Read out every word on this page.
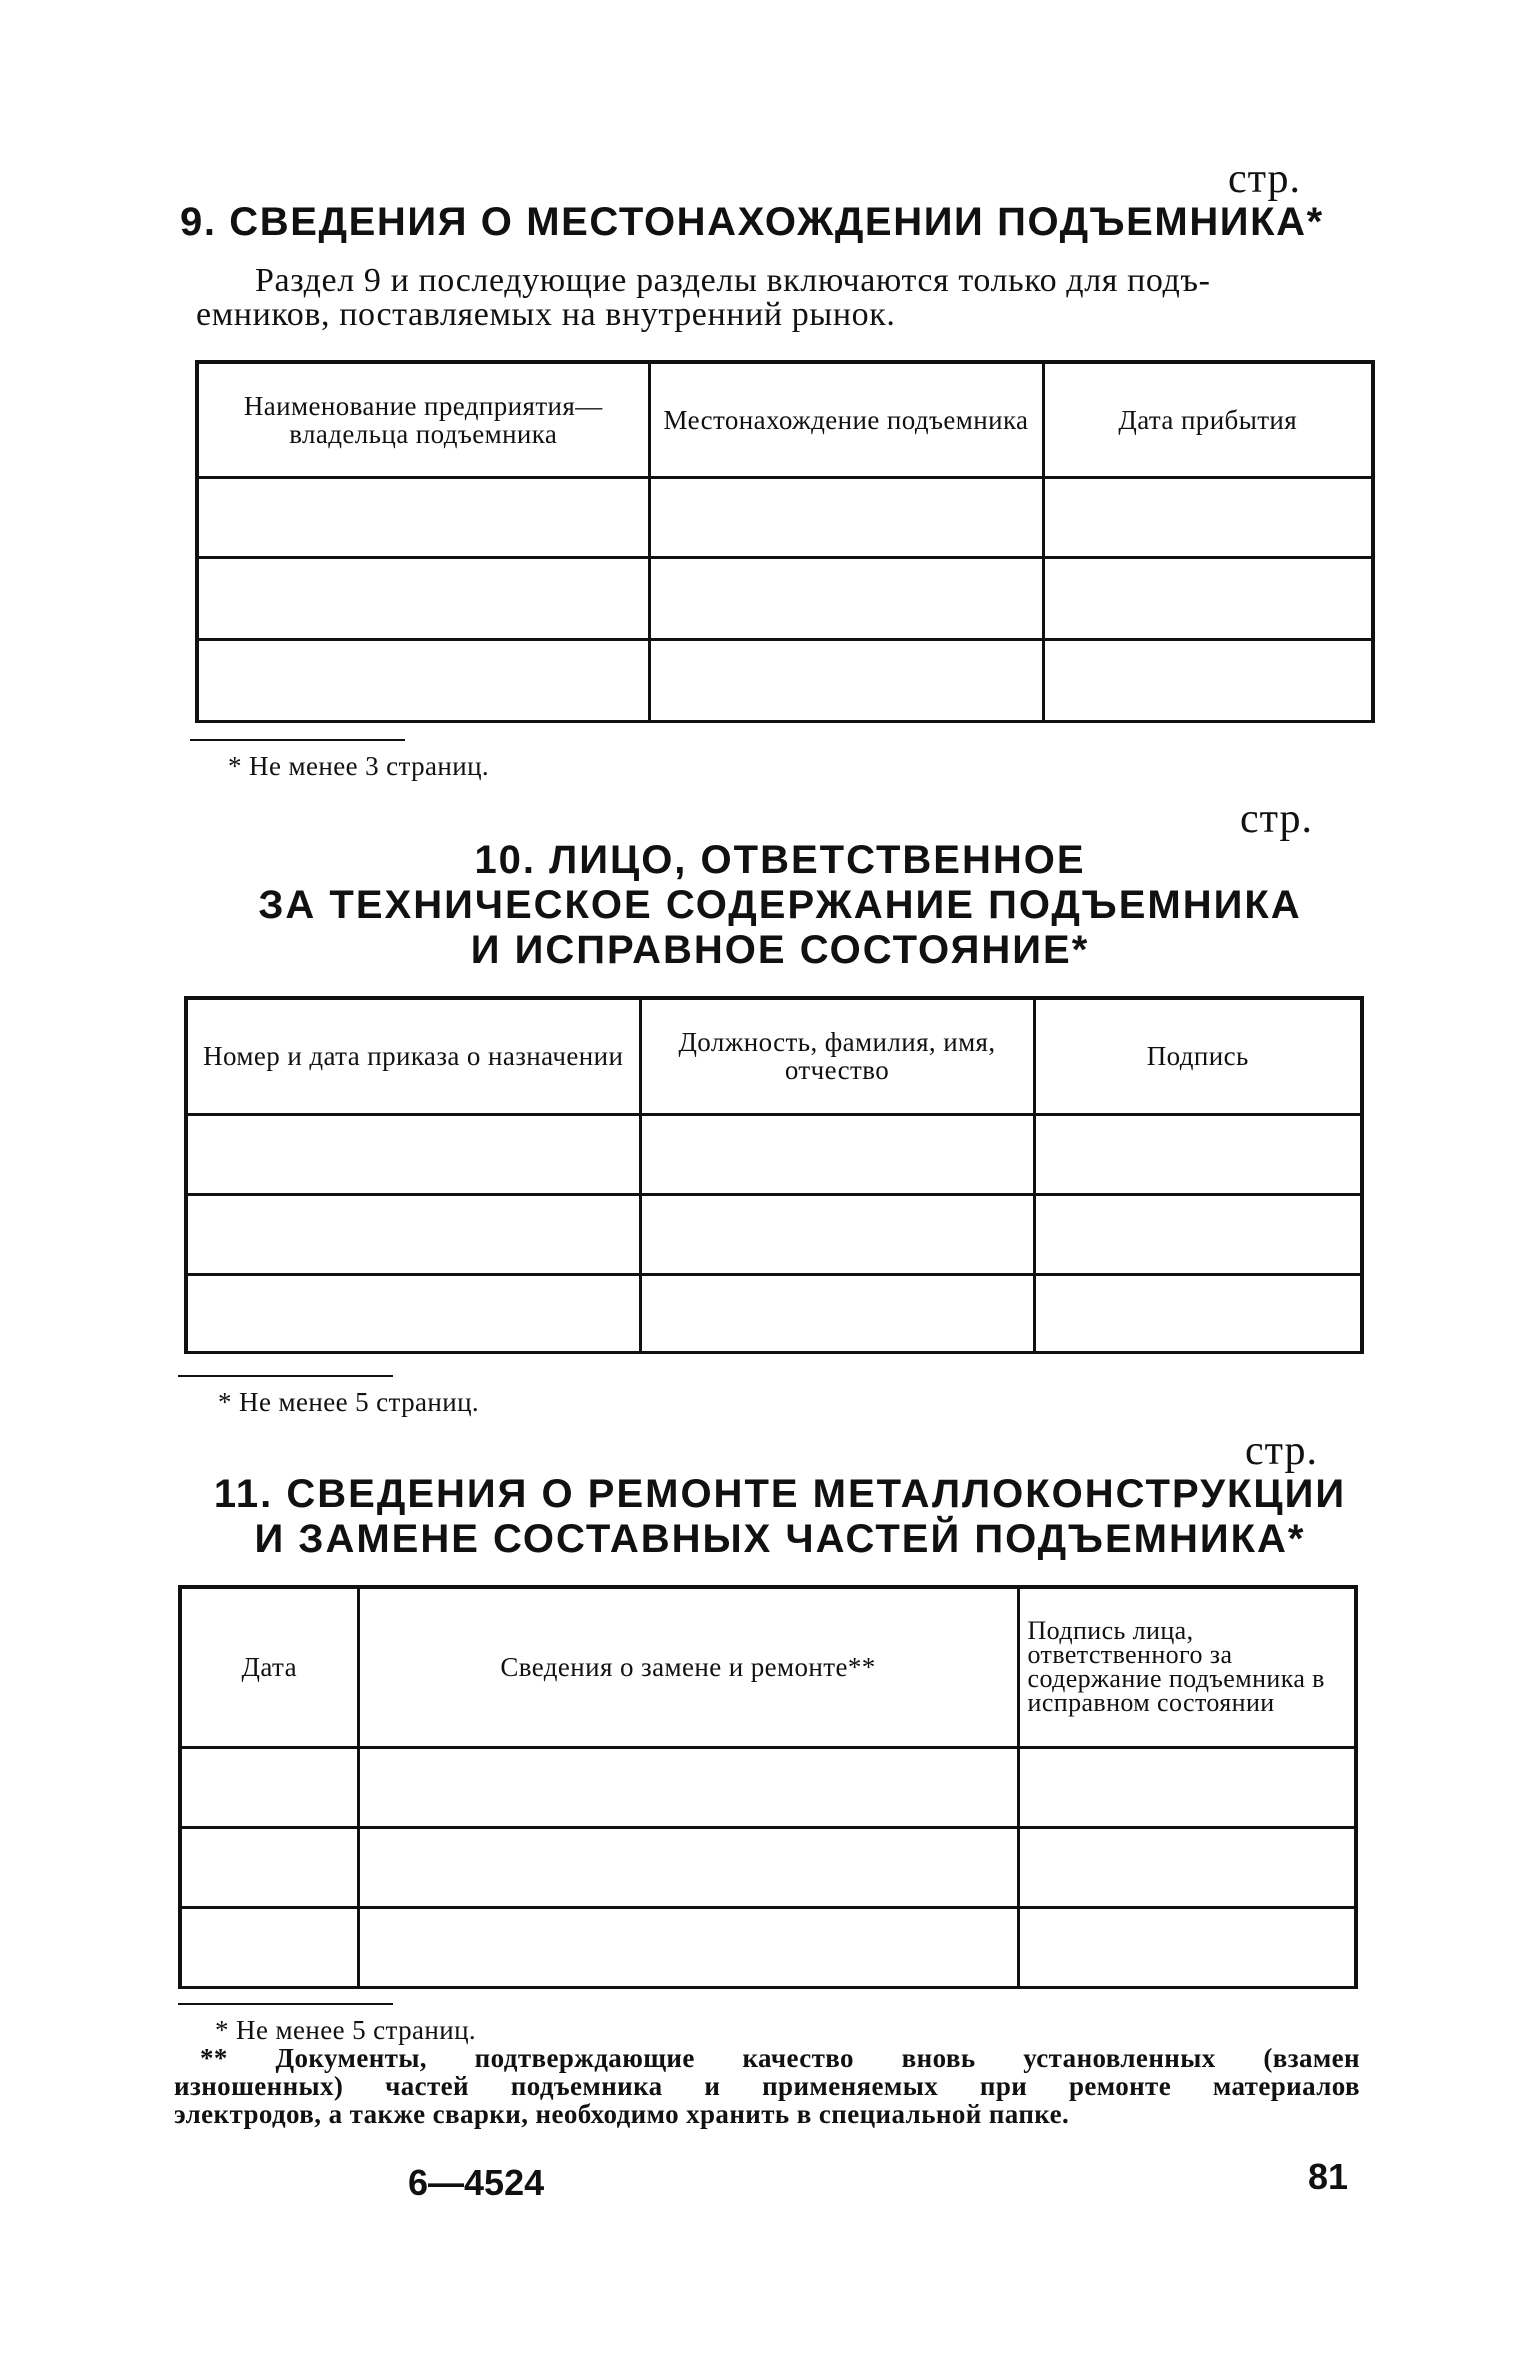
стр.
9. СВЕДЕНИЯ О МЕСТОНАХОЖДЕНИИ ПОДЪЕМНИКА*
Раздел 9 и последующие разделы включаются только для подъ-
емников, поставляемых на внутренний рынок.
Наименование предприятия— владельца подъемника	Местонахождение подъемника	Дата прибытия

* Не менее 3 страниц.
стр.
10. ЛИЦО, ОТВЕТСТВЕННОЕ
ЗА ТЕХНИЧЕСКОЕ СОДЕРЖАНИЕ ПОДЪЕМНИКА
И ИСПРАВНОЕ СОСТОЯНИЕ*
Номер и дата приказа о назначении	Должность, фамилия, имя, отчество	Подпись

* Не менее 5 страниц.
стр.
11. СВЕДЕНИЯ О РЕМОНТЕ МЕТАЛЛОКОНСТРУКЦИИ
И ЗАМЕНЕ СОСТАВНЫХ ЧАСТЕЙ ПОДЪЕМНИКА*
Дата	Сведения о замене и ремонте**	Подпись лица, ответственного за содержание подъемника в исправном состоянии

* Не менее 5 страниц.
** Документы, подтверждающие качество вновь установленных (взамен
изношенных) частей подъемника и применяемых при ремонте материалов
электродов, а также сварки, необходимо хранить в специальной папке.
6—4524	81
